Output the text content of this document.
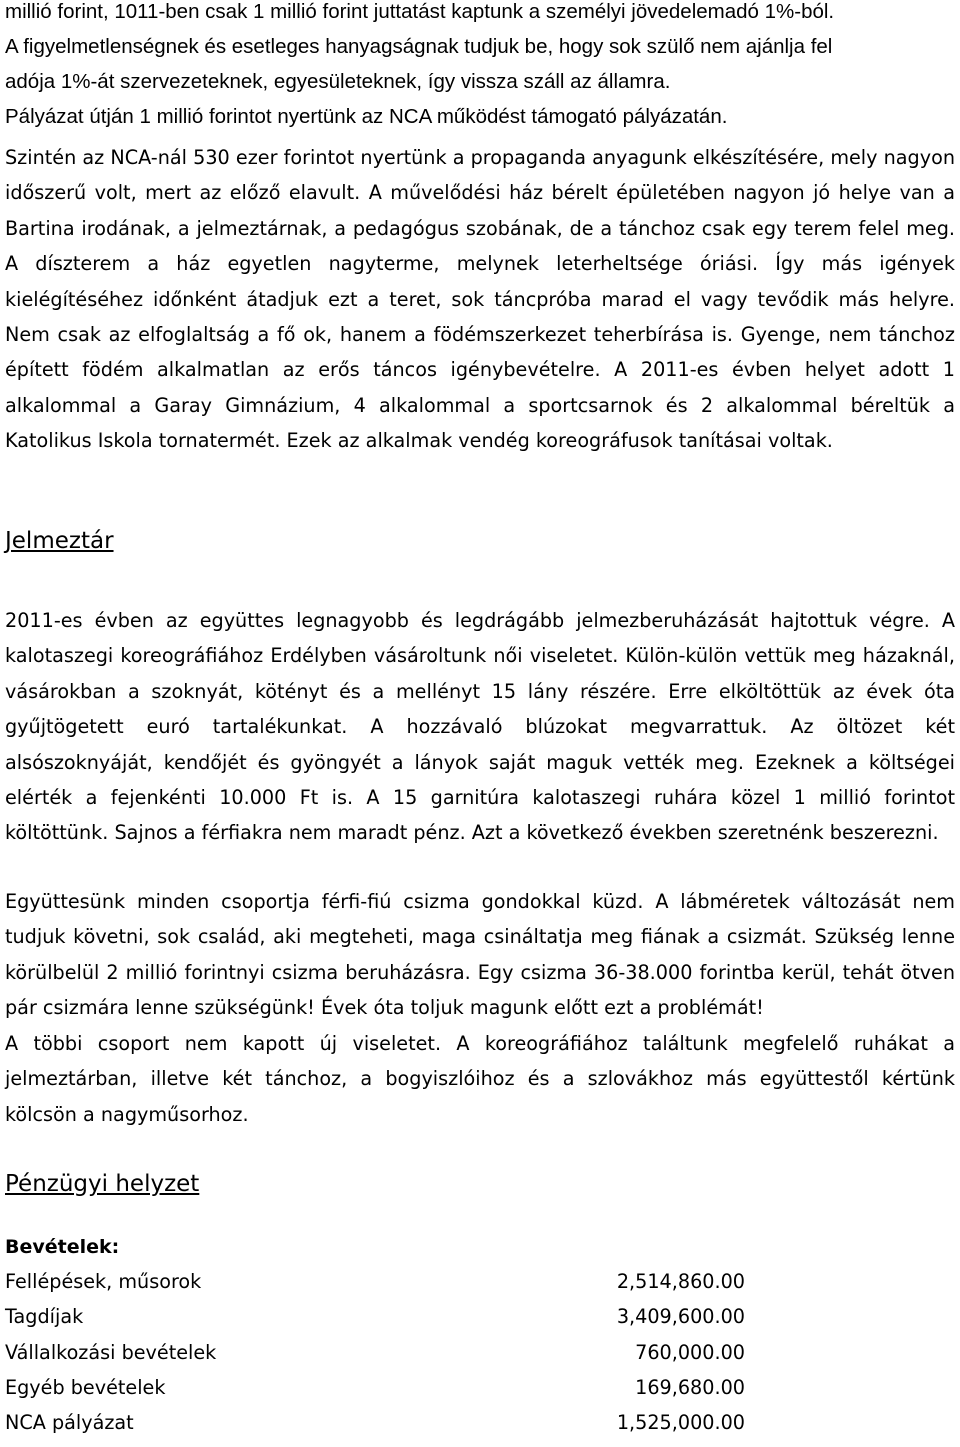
millió forint, 1011-ben csak 1 millió forint juttatást kaptunk a személyi jövedelemadó 1%-ból.
A figyelmetlenségnek és esetleges hanyagságnak tudjuk be, hogy sok szülő nem ajánlja fel
adója 1%-át szervezeteknek, egyesületeknek, így vissza száll az államra.
Pályázat útján 1 millió forintot nyertünk az NCA működést támogató pályázatán.

Szintén az NCA-nál 530 ezer forintot nyertünk a propaganda anyagunk elkészítésére, mely nagyon időszerű volt, mert az előző elavult. A művelődési ház bérelt épületében nagyon jó helye van a Bartina irodának, a jelmeztárnak, a pedagógus szobának, de a tánchoz csak egy terem felel meg. A díszterem a ház egyetlen nagyterme, melynek leterheltsége óriási. Így más igények kielégítéséhez időnként átadjuk ezt a teret, sok táncpróba marad el vagy tevődik más helyre. Nem csak az elfoglaltság a fő ok, hanem a födémszerkezet teherbírása is. Gyenge, nem tánchoz épített födém alkalmatlan az erős táncos igénybevételre. A 2011-es évben helyet adott 1 alkalommal a Garay Gimnázium, 4 alkalommal a sportcsarnok és 2 alkalommal béreltük a Katolikus Iskola tornatermét. Ezek az alkalmak vendég koreográfusok tanításai voltak.

Jelmeztár

2011-es évben az együttes legnagyobb és legdrágább jelmezberuházását hajtottuk végre. A kalotaszegi koreográfiához Erdélyben vásároltunk női viseletet. Külön-külön vettük meg házaknál, vásárokban a szoknyát, kötényt és a mellényt 15 lány részére. Erre elköltöttük az évek óta gyűjtögetett euró tartalékunkat. A hozzávaló blúzokat megvarrattuk. Az öltözet két alsószoknyáját, kendőjét és gyöngyét a lányok saját maguk vették meg. Ezeknek a költségei elérték a fejenkénti 10.000 Ft is. A 15 garnitúra kalotaszegi ruhára közel 1 millió forintot költöttünk. Sajnos a férfiakra nem maradt pénz. Azt a következő években szeretnénk beszerezni.

Együttesünk minden csoportja férfi-fiú csizma gondokkal küzd. A lábméretek változását nem tudjuk követni, sok család, aki megteheti, maga csináltatja meg fiának a csizmát. Szükség lenne körülbelül 2 millió forintnyi csizma beruházásra. Egy csizma 36-38.000 forintba kerül, tehát ötven pár csizmára lenne szükségünk! Évek óta toljuk magunk előtt ezt a problémát!

A többi csoport nem kapott új viseletet. A koreográfiához találtunk megfelelő ruhákat a jelmeztárban, illetve két tánchoz, a bogyiszlóihoz és a szlovákhoz más együttestől kértünk kölcsön a nagyműsorhoz.

Pénzügyi helyzet

Bevételek:

Fellépések, műsorok	2,514,860.00
Tagdíjak	3,409,600.00
Vállalkozási bevételek	760,000.00
Egyéb bevételek	169,680.00
NCA pályázat	1,525,000.00
